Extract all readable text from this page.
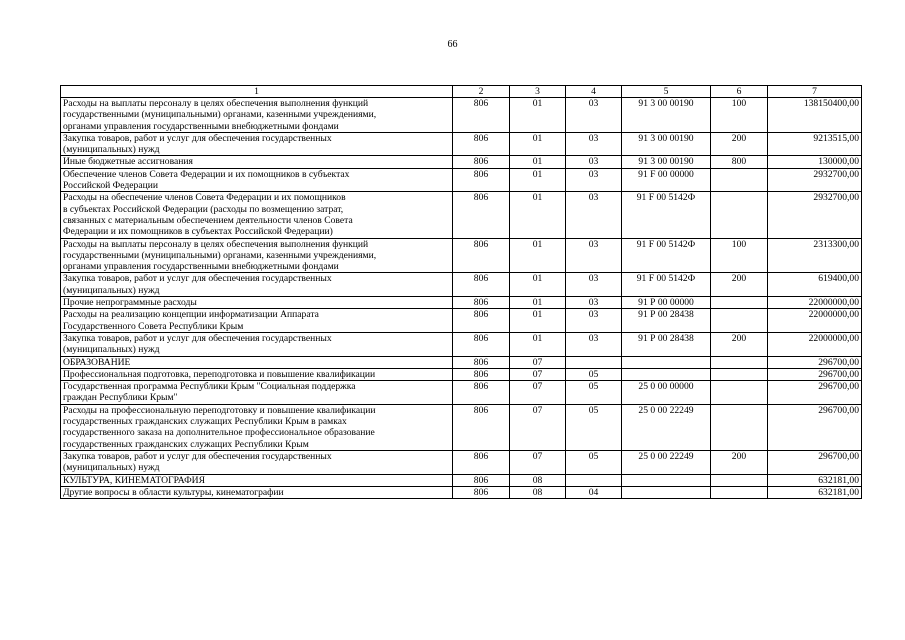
66
1	2	3	4	5	6	7

Расходы на выплаты персоналу в целях обеспечения выполнения функций
государственными (муниципальными) органами, казенными учреждениями,
органами управления государственными внебюджетными фондами	806	01	03	91 3 00 00190	100	138150400,00

Закупка товаров, работ и услуг для обеспечения государственных
(муниципальных) нужд	806	01	03	91 3 00 00190	200	9213515,00

Иные бюджетные ассигнования	806	01	03	91 3 00 00190	800	130000,00

Обеспечение членов Совета Федерации и их помощников в субъектах
Российской Федерации	806	01	03	91 F 00 00000		2932700,00

Расходы на обеспечение членов Совета Федерации и их помощников
в субъектах Российской Федерации (расходы по возмещению затрат,
связанных с материальным обеспечением деятельности членов Совета
Федерации и их помощников в субъектах Российской Федерации)	806	01	03	91 F 00 5142Ф		2932700,00

Расходы на выплаты персоналу в целях обеспечения выполнения функций
государственными (муниципальными) органами, казенными учреждениями,
органами управления государственными внебюджетными фондами	806	01	03	91 F 00 5142Ф	100	2313300,00

Закупка товаров, работ и услуг для обеспечения государственных
(муниципальных) нужд	806	01	03	91 F 00 5142Ф	200	619400,00

Прочие непрограммные расходы	806	01	03	91 Р 00 00000		22000000,00

Расходы на реализацию концепции информатизации Аппарата
Государственного Совета Республики Крым	806	01	03	91 Р 00 28438		22000000,00

Закупка товаров, работ и услуг для обеспечения государственных
(муниципальных) нужд	806	01	03	91 Р 00 28438	200	22000000,00

ОБРАЗОВАНИЕ	806	07				296700,00

Профессиональная подготовка, переподготовка и повышение квалификации	806	07	05			296700,00

Государственная программа Республики Крым "Социальная поддержка
граждан Республики Крым"	806	07	05	25 0 00 00000		296700,00

Расходы на профессиональную переподготовку и повышение квалификации
государственных гражданских служащих Республики Крым в рамках
государственного заказа на дополнительное профессиональное образование
государственных гражданских служащих Республики Крым	806	07	05	25 0 00 22249		296700,00

Закупка товаров, работ и услуг для обеспечения государственных
(муниципальных) нужд	806	07	05	25 0 00 22249	200	296700,00

КУЛЬТУРА, КИНЕМАТОГРАФИЯ	806	08				632181,00

Другие вопросы в области культуры, кинематографии	806	08	04			632181,00
